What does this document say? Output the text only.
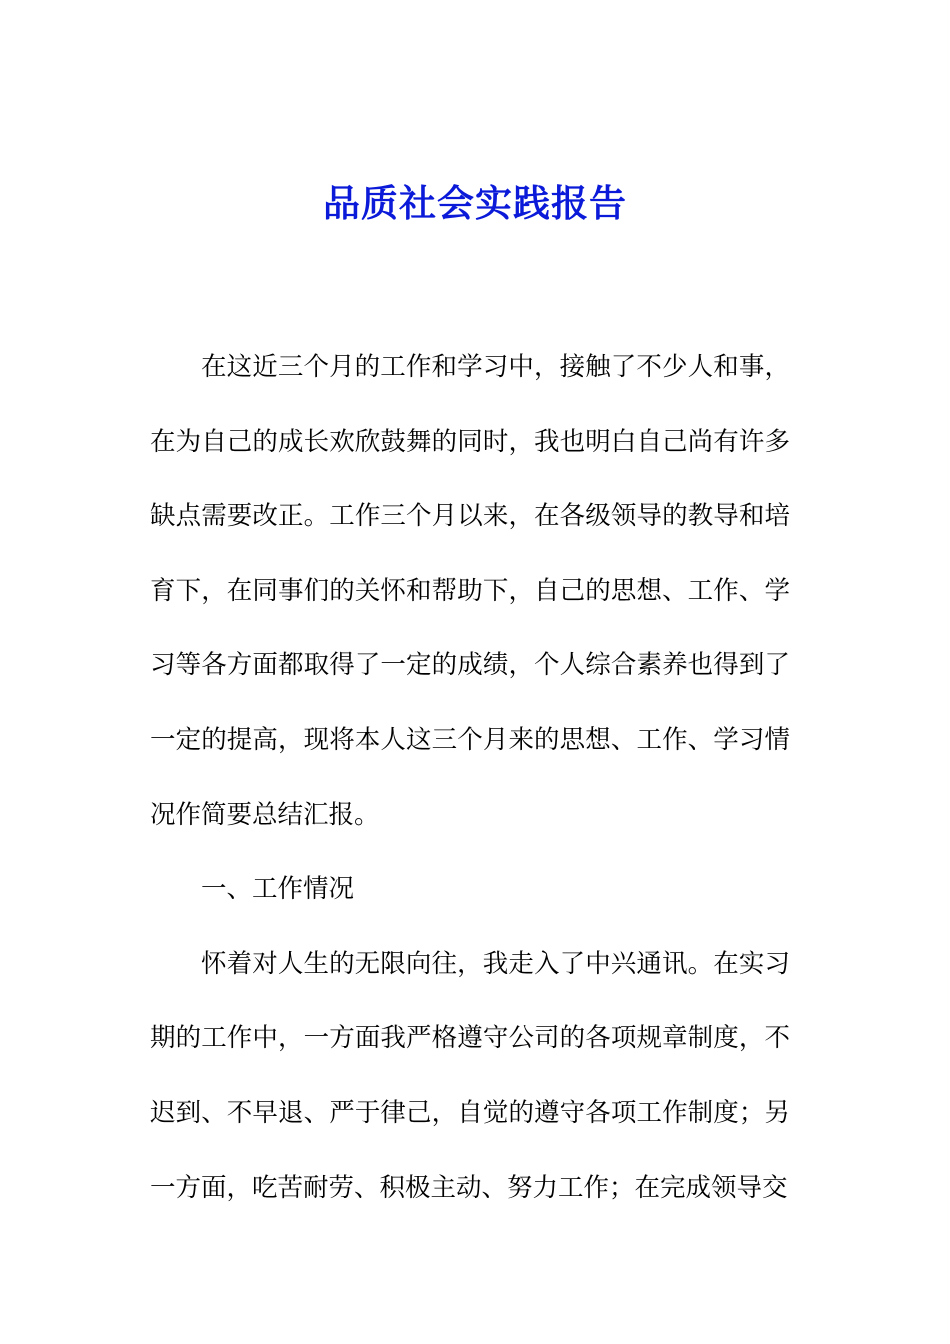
品质社会实践报告

在这近三个月的工作和学习中，接触了不少人和事，在为自己的成长欢欣鼓舞的同时，我也明白自己尚有许多缺点需要改正。工作三个月以来，在各级领导的教导和培育下，在同事们的关怀和帮助下，自己的思想、工作、学习等各方面都取得了一定的成绩，个人综合素养也得到了一定的提高，现将本人这三个月来的思想、工作、学习情况作简要总结汇报。

一、工作情况

怀着对人生的无限向往，我走入了中兴通讯。在实习期的工作中，一方面我严格遵守公司的各项规章制度，不迟到、不早退、严于律己，自觉的遵守各项工作制度；另一方面，吃苦耐劳、积极主动、努力工作；在完成领导交
